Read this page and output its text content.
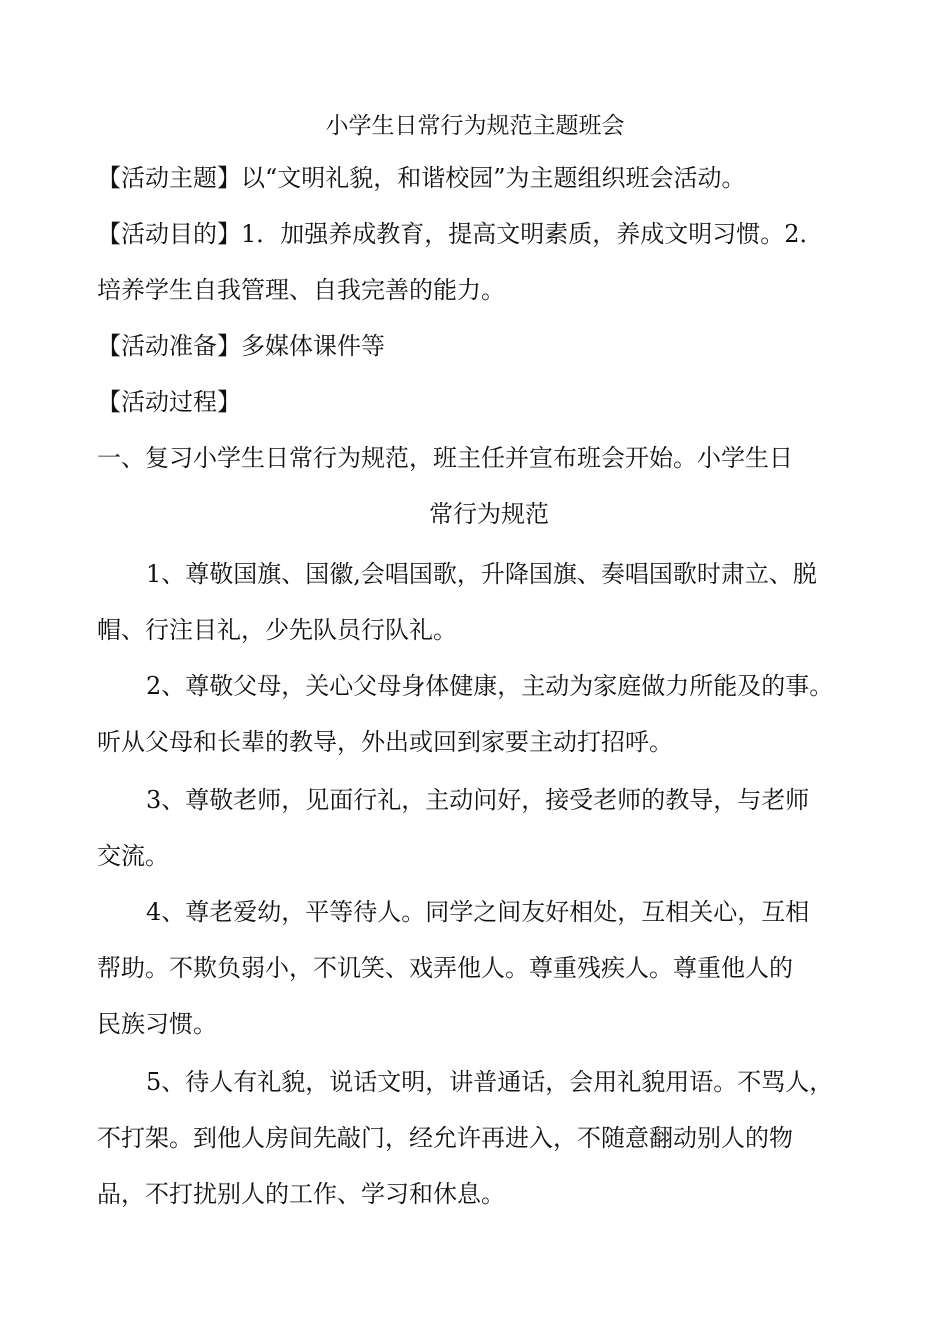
小学生日常行为规范主题班会
【活动主题】以“文明礼貌，和谐校园”为主题组织班会活动。
【活动目的】1．加强养成教育，提高文明素质，养成文明习惯。2．
培养学生自我管理、自我完善的能力。
【活动准备】多媒体课件等
【活动过程】
一、复习小学生日常行为规范，班主任并宣布班会开始。小学生日
常行为规范
1、尊敬国旗、国徽,会唱国歌，升降国旗、奏唱国歌时肃立、脱
帽、行注目礼，少先队员行队礼。
2、尊敬父母，关心父母身体健康，主动为家庭做力所能及的事。
听从父母和长辈的教导，外出或回到家要主动打招呼。
3、尊敬老师，见面行礼，主动问好，接受老师的教导，与老师
交流。
4、尊老爱幼，平等待人。同学之间友好相处，互相关心，互相
帮助。不欺负弱小，不讥笑、戏弄他人。尊重残疾人。尊重他人的
民族习惯。
5、待人有礼貌，说话文明，讲普通话，会用礼貌用语。不骂人，
不打架。到他人房间先敲门，经允许再进入，不随意翻动别人的物
品，不打扰别人的工作、学习和休息。
